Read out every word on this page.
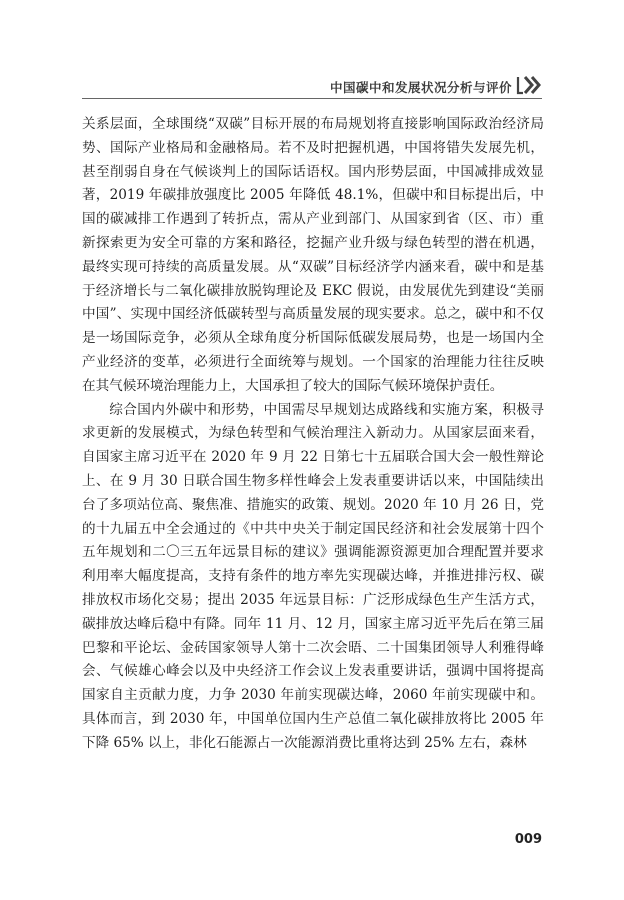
中国碳中和发展状况分析与评价

关系层面，全球围绕“双碳”目标开展的布局规划将直接影响国际政治经济局势、国际产业格局和金融格局。若不及时把握机遇，中国将错失发展先机，甚至削弱自身在气候谈判上的国际话语权。国内形势层面，中国减排成效显著，2019 年碳排放强度比 2005 年降低 48.1%，但碳中和目标提出后，中国的碳减排工作遇到了转折点，需从产业到部门、从国家到省（区、市）重新探索更为安全可靠的方案和路径，挖掘产业升级与绿色转型的潜在机遇，最终实现可持续的高质量发展。从“双碳”目标经济学内涵来看，碳中和是基于经济增长与二氧化碳排放脱钩理论及 EKC 假说，由发展优先到建设“美丽中国”、实现中国经济低碳转型与高质量发展的现实要求。总之，碳中和不仅是一场国际竞争，必须从全球角度分析国际低碳发展局势，也是一场国内全产业经济的变革，必须进行全面统筹与规划。一个国家的治理能力往往反映在其气候环境治理能力上，大国承担了较大的国际气候环境保护责任。

综合国内外碳中和形势，中国需尽早规划达成路线和实施方案，积极寻求更新的发展模式，为绿色转型和气候治理注入新动力。从国家层面来看，自国家主席习近平在 2020 年 9 月 22 日第七十五届联合国大会一般性辩论上、在 9 月 30 日联合国生物多样性峰会上发表重要讲话以来，中国陆续出台了多项站位高、聚焦准、措施实的政策、规划。2020 年 10 月 26 日，党的十九届五中全会通过的《中共中央关于制定国民经济和社会发展第十四个五年规划和二〇三五年远景目标的建议》强调能源资源更加合理配置并要求利用率大幅度提高，支持有条件的地方率先实现碳达峰，并推进排污权、碳排放权市场化交易；提出 2035 年远景目标：广泛形成绿色生产生活方式，碳排放达峰后稳中有降。同年 11 月、12 月，国家主席习近平先后在第三届巴黎和平论坛、金砖国家领导人第十二次会晤、二十国集团领导人利雅得峰会、气候雄心峰会以及中央经济工作会议上发表重要讲话，强调中国将提高国家自主贡献力度，力争 2030 年前实现碳达峰，2060 年前实现碳中和。具体而言，到 2030 年，中国单位国内生产总值二氧化碳排放将比 2005 年下降 65% 以上，非化石能源占一次能源消费比重将达到 25% 左右，森林

009
